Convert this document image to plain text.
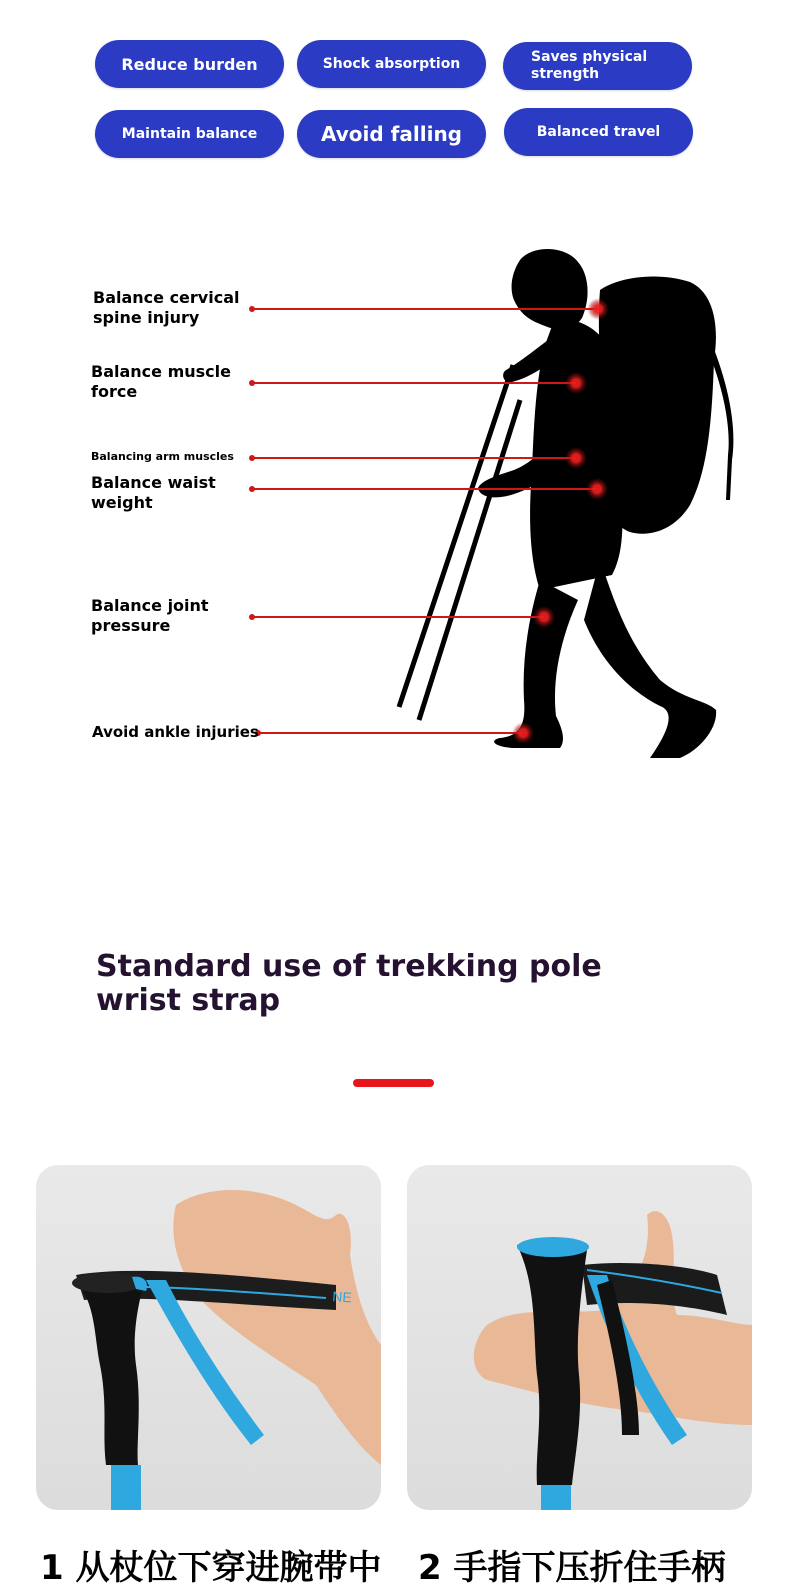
Reduce burden	Shock absorption	Saves physical strength
Maintain balance	Avoid falling	Balanced travel
Balance cervical spine injury
Balance muscle force
Balancing arm muscles
Balance waist weight
Balance joint pressure
Avoid ankle injuries
Standard use of trekking pole wrist strap
NE
1 从杖位下穿进腕带中 2 手指下压折住手柄
